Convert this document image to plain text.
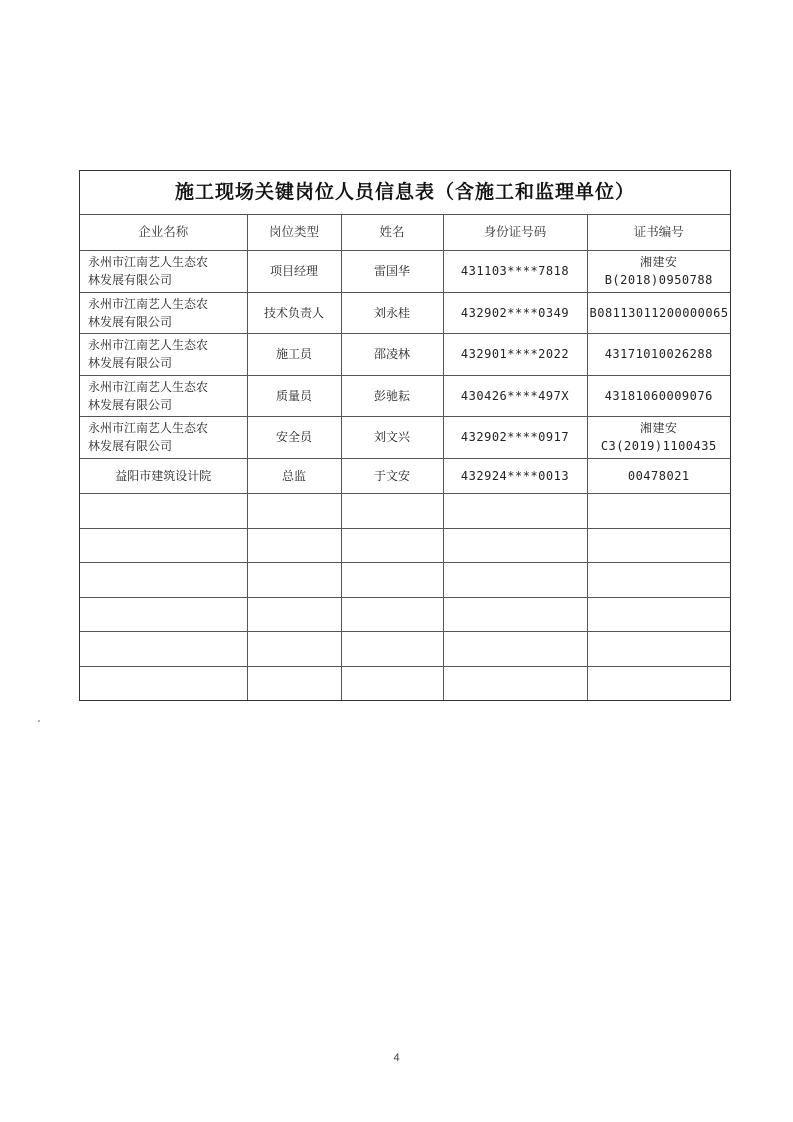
施工现场关键岗位人员信息表（含施工和监理单位）				
企业名称	岗位类型	姓名	身份证号码	证书编号

永州市江南艺人生态农
林发展有限公司	项目经理	雷国华	431103****7818	湘建安
B(2018)0950788

永州市江南艺人生态农
林发展有限公司	技术负责人	刘永桂	432902****0349	B08113011200000065

永州市江南艺人生态农
林发展有限公司	施工员	邵凌林	432901****2022	43171010026288

永州市江南艺人生态农
林发展有限公司	质量员	彭驰耘	430426****497X	43181060009076

永州市江南艺人生态农
林发展有限公司	安全员	刘文兴	432902****0917	湘建安
C3(2019)1100435

益阳市建筑设计院	总监	于文安	432924****0013	00478021

4
